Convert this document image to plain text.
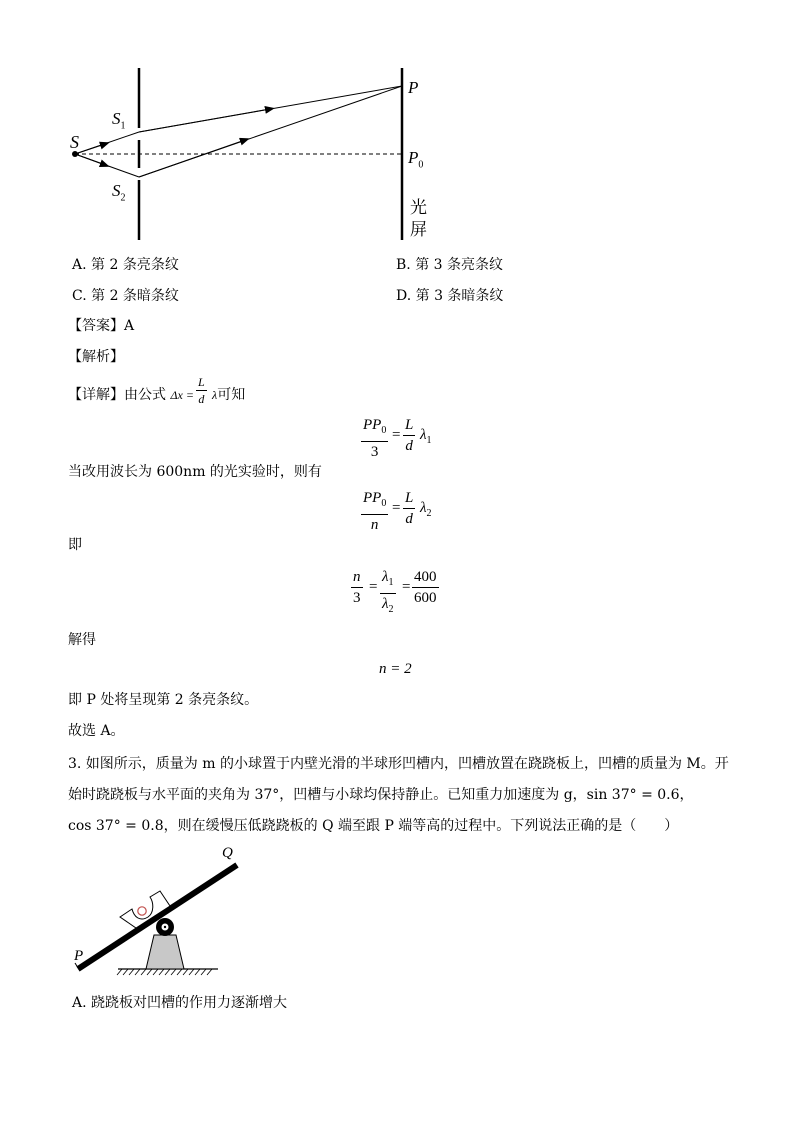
S
$S_1$
$S_2$
P
$P_0$
光
屏
A. 第 2 条亮条纹	B. 第 3 条亮条纹
C. 第 2 条暗条纹	D. 第 3 条暗条纹
【答案】A
【解析】
【详解】由公式 $\Delta x = \frac{L}{d}$ λ可知
$\frac{PP_0}{3} = \frac{L}{d} \lambda_1$
当改用波长为 600nm 的光实验时，则有
$\frac{PP_0}{n} = \frac{L}{d} \lambda_2$
即
$\frac{n}{3} = \frac{\lambda_1}{\lambda_2} = \frac{400}{600}$
解得
n = 2
即 P 处将呈现第 2 条亮条纹。
故选 A。
3. 如图所示，质量为 m 的小球置于内壁光滑的半球形凹槽内，凹槽放置在跷跷板上，凹槽的质量为 M。开
始时跷跷板与水平面的夹角为 37°，凹槽与小球均保持静止。已知重力加速度为 g，sin 37° = 0.6，
cos 37° = 0.8，则在缓慢压低跷跷板的 Q 端至跟 P 端等高的过程中。下列说法正确的是（　　）
Q
P
A. 跷跷板对凹槽的作用力逐渐增大
